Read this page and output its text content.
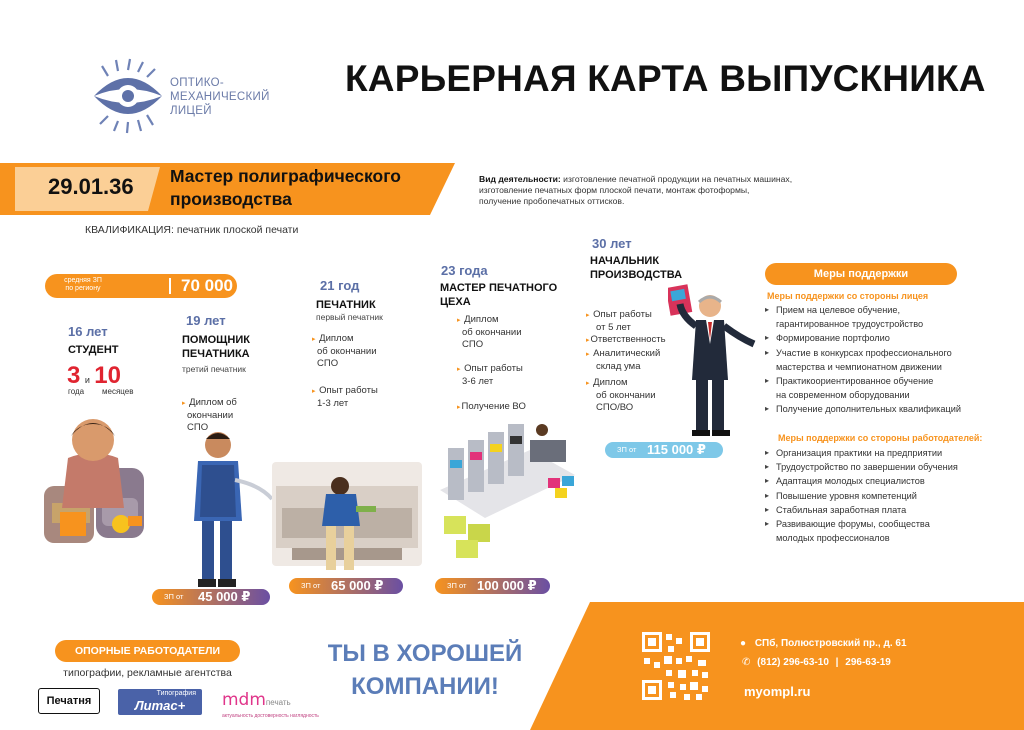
ОПТИКО-
МЕХАНИЧЕСКИЙ
ЛИЦЕЙ
КАРЬЕРНАЯ КАРТА ВЫПУСКНИКА
29.01.36 Мастер полиграфического
производства
Вид деятельности: изготовление печатной продукции на печатных машинах,
изготовление печатных форм плоской печати, монтаж фотоформы,
получение пробопечатных оттисков.
КВАЛИФИКАЦИЯ: печатник плоской печати
средняя ЗП
по региону	70 000 ₽
16 лет
СТУДЕНТ
3 и 10
года месяцев
19 лет
ПОМОЩНИК
ПЕЧАТНИКА
третий печатник
▸ Диплом об
окончании
СПО
ЗП от 45 000 ₽
21 год
ПЕЧАТНИК
первый печатник
▸ Диплом
об окончании
СПО
▸ Опыт работы
1-3 лет
ЗП от 65 000 ₽
23 года
МАСТЕР ПЕЧАТНОГО
ЦЕХА
▸ Диплом
об окончании
СПО
▸ Опыт работы
3-6 лет
▸ Получение ВО
ЗП от 100 000 ₽
30 лет
НАЧАЛЬНИК
ПРОИЗВОДСТВА
▸ Опыт работы
от 5 лет
▸ Ответственность
▸ Аналитический
склад ума
▸ Диплом
об окончании
СПО/ВО
ЗП от 115 000 ₽
Меры поддержки
Меры поддержки со стороны лицея
▸ Прием на целевое обучение,
гарантированное трудоустройство
▸ Формирование портфолио
▸ Участие в конкурсах профессионального
мастерства и чемпионатном движении
▸ Практикоориентированное обучение
на современном оборудовании
▸ Получение дополнительных квалификаций
Меры поддержки со стороны работодателей:
▸ Организация практики на предприятии
▸ Трудоустройство по завершении обучения
▸ Адаптация молодых специалистов
▸ Повышение уровня компетенций
▸ Стабильная заработная плата
▸ Развивающие форумы, сообщества
молодых профессионалов
ОПОРНЫЕ РАБОТОДАТЕЛИ
типографии, рекламные агентства
Печатня
Типография
Литас+	mdmпечать
актуальность достоверность наглядность
ТЫ В ХОРОШЕЙ
КОМПАНИИ!
● СПб, Полюстровский пр., д. 61
✆ (812) 296-63-10 | 296-63-19
myompl.ru
